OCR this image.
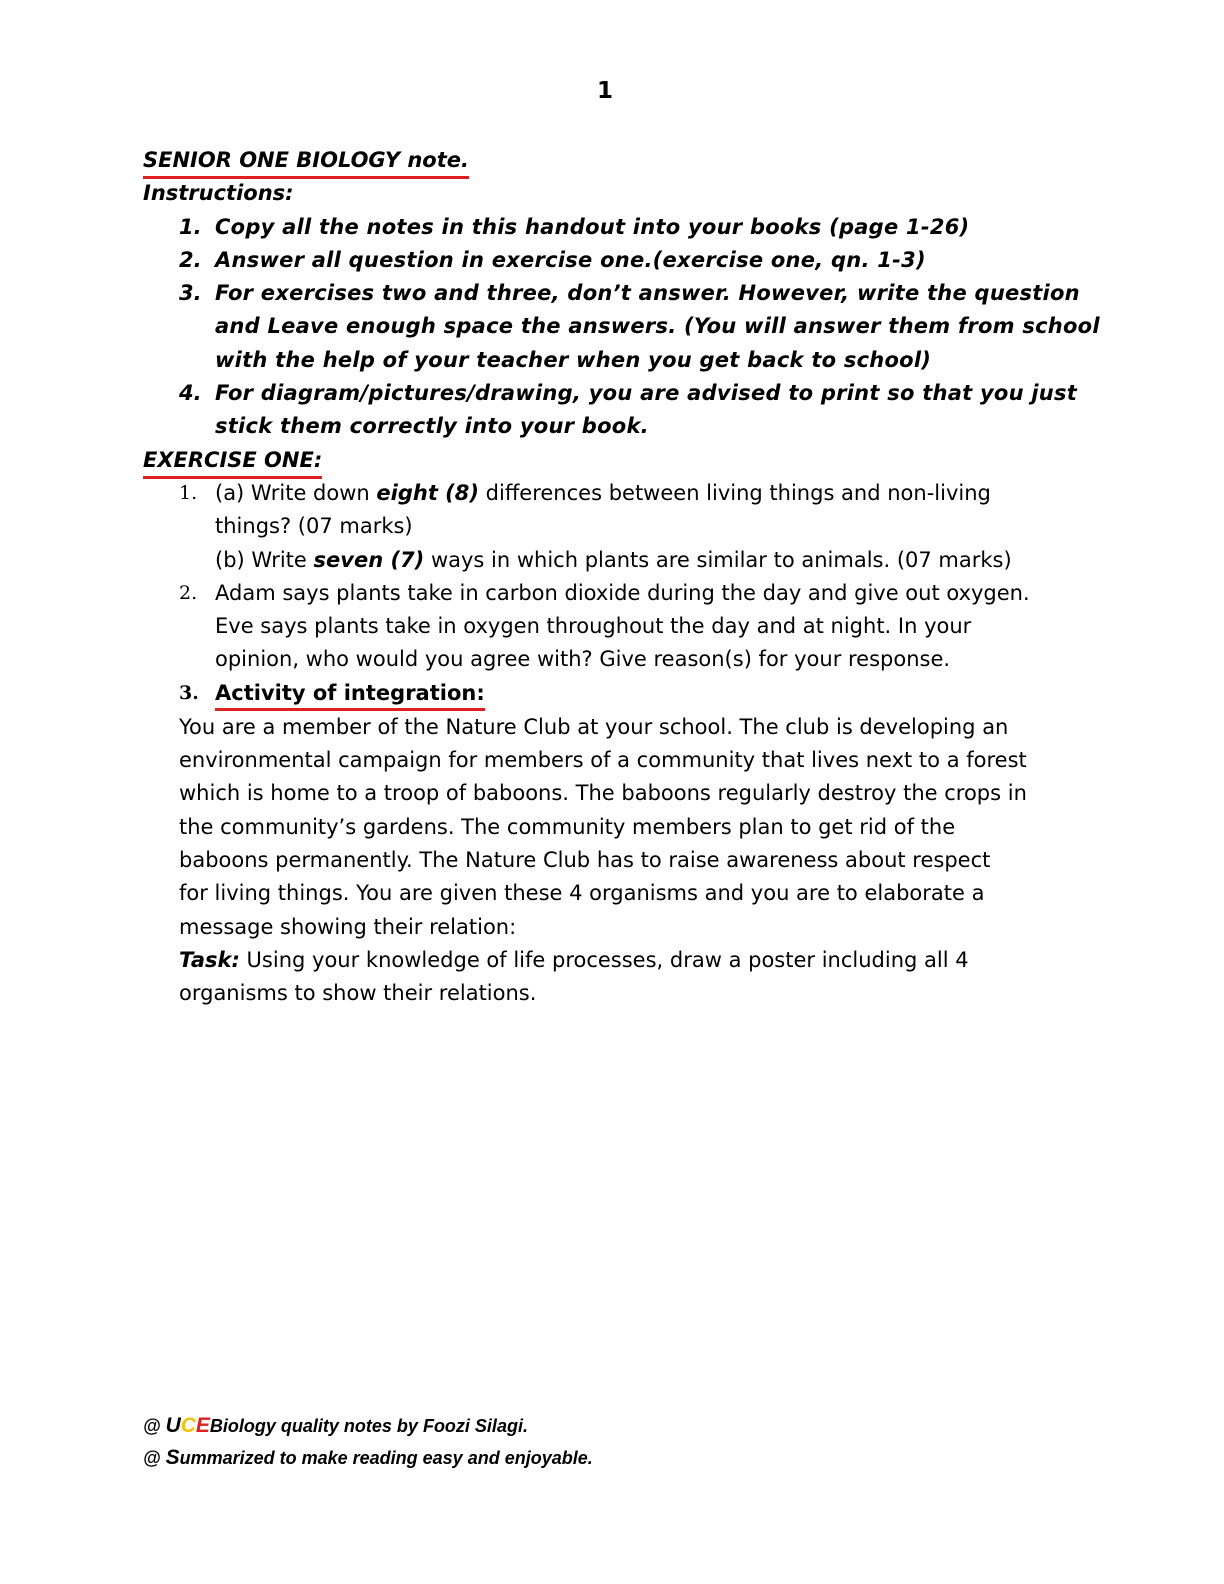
1
SENIOR ONE BIOLOGY note.
Instructions:
1. Copy all the notes in this handout into your books (page 1-26)
2. Answer all question in exercise one.(exercise one, qn. 1-3)
3. For exercises two and three, don’t answer. However, write the question
and Leave enough space the answers. (You will answer them from school
with the help of your teacher when you get back to school)
4. For diagram/pictures/drawing, you are advised to print so that you just
stick them correctly into your book.
EXERCISE ONE:
1. (a) Write down eight (8) differences between living things and non-living
things? (07 marks)
(b) Write seven (7) ways in which plants are similar to animals. (07 marks)
2. Adam says plants take in carbon dioxide during the day and give out oxygen.
Eve says plants take in oxygen throughout the day and at night. In your
opinion, who would you agree with? Give reason(s) for your response.
3. Activity of integration:
You are a member of the Nature Club at your school. The club is developing an
environmental campaign for members of a community that lives next to a forest
which is home to a troop of baboons. The baboons regularly destroy the crops in
the community’s gardens. The community members plan to get rid of the
baboons permanently. The Nature Club has to raise awareness about respect
for living things. You are given these 4 organisms and you are to elaborate a
message showing their relation:
Task: Using your knowledge of life processes, draw a poster including all 4
organisms to show their relations.
@ UCEBiology quality notes by Foozi Silagi.
@ Summarized to make reading easy and enjoyable.
